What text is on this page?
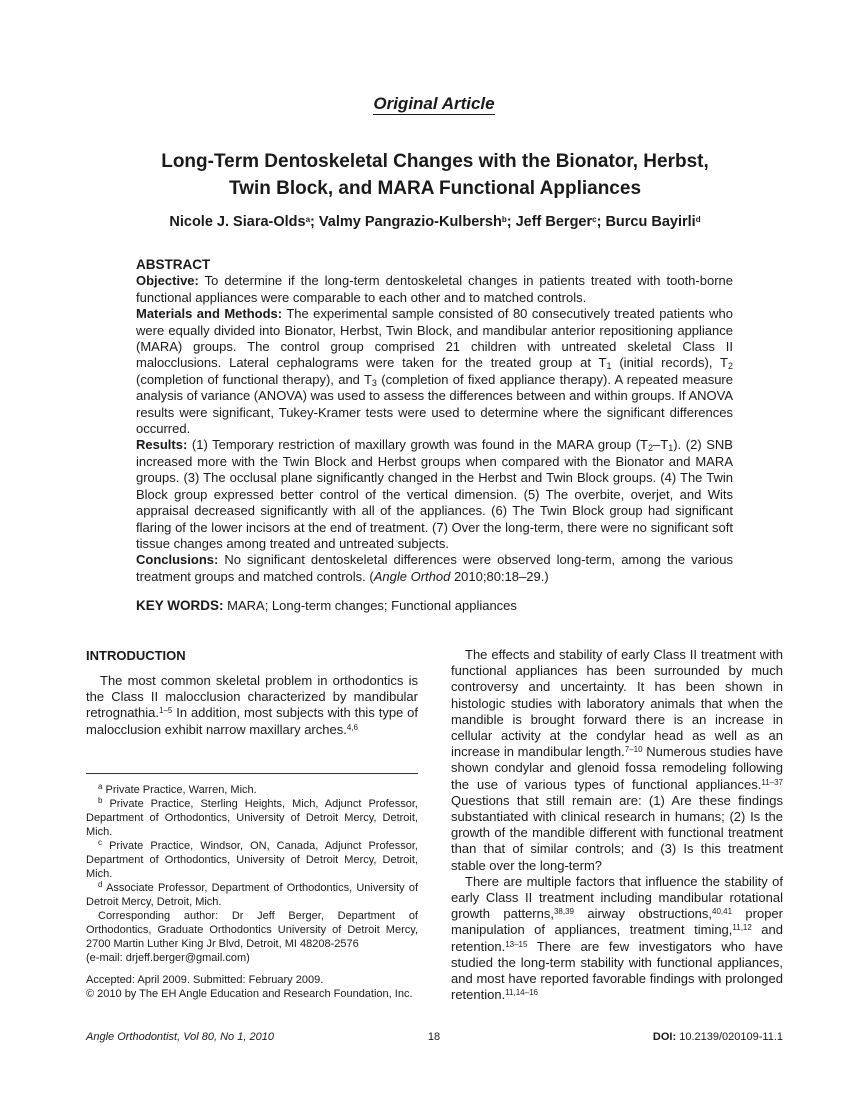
Original Article
Long-Term Dentoskeletal Changes with the Bionator, Herbst,
Twin Block, and MARA Functional Appliances
Nicole J. Siara-Olds$^a$; Valmy Pangrazio-Kulbersh$^b$; Jeff Berger$^c$; Burcu Bayirli$^d$
ABSTRACT

Objective: To determine if the long-term dentoskeletal changes in patients treated with tooth-borne functional appliances were comparable to each other and to matched controls.

Materials and Methods: The experimental sample consisted of 80 consecutively treated patients who were equally divided into Bionator, Herbst, Twin Block, and mandibular anterior repositioning appliance (MARA) groups. The control group comprised 21 children with untreated skeletal Class II malocclusions. Lateral cephalograms were taken for the treated group at $T_1$ (initial records), $T_2$ (completion of functional therapy), and $T_3$ (completion of fixed appliance therapy). A repeated measure analysis of variance (ANOVA) was used to assess the differences between and within groups. If ANOVA results were significant, Tukey-Kramer tests were used to determine where the significant differences occurred.

Results: (1) Temporary restriction of maxillary growth was found in the MARA group $(T_2-T_1)$. (2) SNB increased more with the Twin Block and Herbst groups when compared with the Bionator and MARA groups. (3) The occlusal plane significantly changed in the Herbst and Twin Block groups. (4) The Twin Block group expressed better control of the vertical dimension. (5) The overbite, overjet, and Wits appraisal decreased significantly with all of the appliances. (6) The Twin Block group had significant flaring of the lower incisors at the end of treatment. (7) Over the long-term, there were no significant soft tissue changes among treated and untreated subjects.

Conclusions: No significant dentoskeletal differences were observed long-term, among the various treatment groups and matched controls. (Angle Orthod 2010;80:18–29.)

KEY WORDS: MARA; Long-term changes; Functional appliances
INTRODUCTION

The most common skeletal problem in orthodontics is the Class II malocclusion characterized by mandibular retrognathia.$^{1-5}$ In addition, most subjects with this type of malocclusion exhibit narrow maxillary arches.$^{4,6}$

$^a$ Private Practice, Warren, Mich.

$^b$ Private Practice, Sterling Heights, Mich, Adjunct Professor, Department of Orthodontics, University of Detroit Mercy, Detroit, Mich.

$^c$ Private Practice, Windsor, ON, Canada, Adjunct Professor, Department of Orthodontics, University of Detroit Mercy, Detroit, Mich.

$^d$ Associate Professor, Department of Orthodontics, University of Detroit Mercy, Detroit, Mich.

Corresponding author: Dr Jeff Berger, Department of Orthodontics, Graduate Orthodontics University of Detroit Mercy, 2700 Martin Luther King Jr Blvd, Detroit, MI 48208-2576

(e-mail: drjeff.berger@gmail.com)

Accepted: April 2009. Submitted: February 2009.

© 2010 by The EH Angle Education and Research Foundation, Inc.

The effects and stability of early Class II treatment with functional appliances has been surrounded by much controversy and uncertainty. It has been shown in histologic studies with laboratory animals that when the mandible is brought forward there is an increase in cellular activity at the condylar head as well as an increase in mandibular length.$^{7-10}$ Numerous studies have shown condylar and glenoid fossa remodeling following the use of various types of functional appliances.$^{11-37}$ Questions that still remain are: (1) Are these findings substantiated with clinical research in humans; (2) Is the growth of the mandible different with functional treatment than that of similar controls; and (3) Is this treatment stable over the long-term?

There are multiple factors that influence the stability of early Class II treatment including mandibular rotational growth patterns,$^{38,39}$ airway obstructions,$^{40,41}$ proper manipulation of appliances, treatment timing,$^{11,12}$ and retention.$^{13-15}$ There are few investigators who have studied the long-term stability with functional appliances, and most have reported favorable findings with prolonged retention.$^{11,14-16}$

Angle Orthodontist, Vol 80, No 1, 2010	18	DOI: 10.2139/020109-11.1
